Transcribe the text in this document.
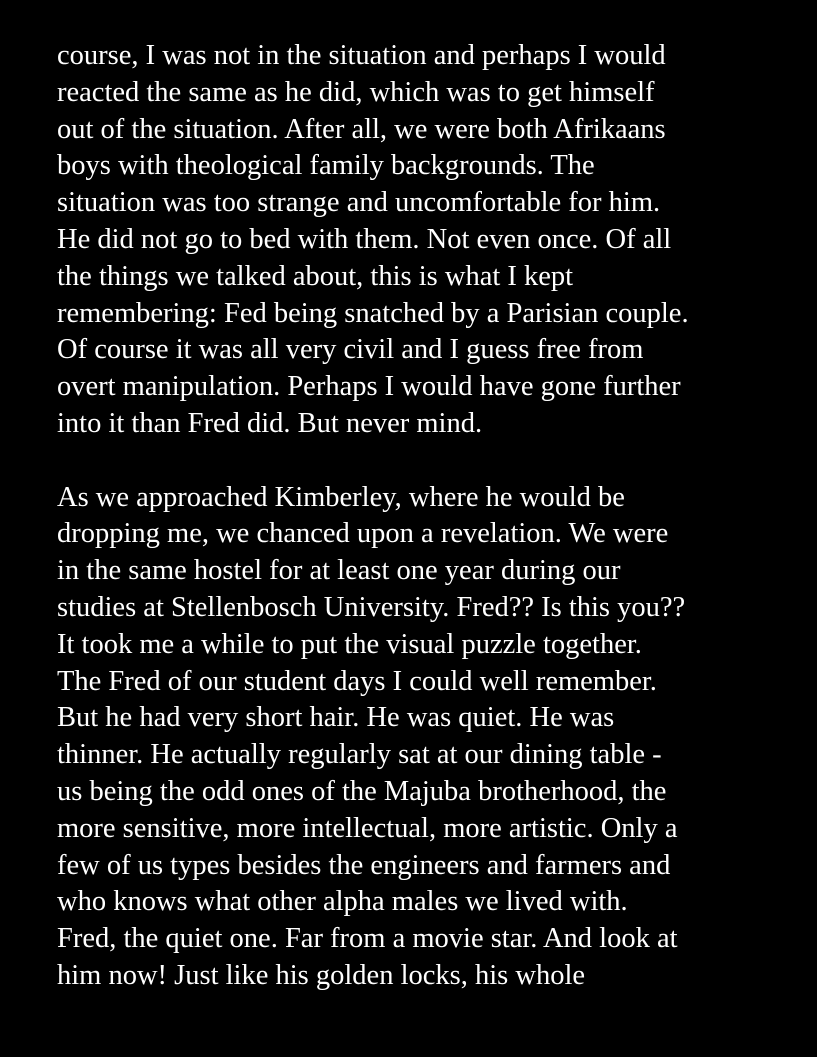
course, I was not in the situation and perhaps I would
reacted the same as he did, which was to get himself
out of the situation. After all, we were both Afrikaans
boys with theological family backgrounds. The
situation was too strange and uncomfortable for him.
He did not go to bed with them. Not even once. Of all
the things we talked about, this is what I kept
remembering: Fed being snatched by a Parisian couple.
Of course it was all very civil and I guess free from
overt manipulation. Perhaps I would have gone further
into it than Fred did. But never mind.

As we approached Kimberley, where he would be
dropping me, we chanced upon a revelation. We were
in the same hostel for at least one year during our
studies at Stellenbosch University. Fred?? Is this you??
It took me a while to put the visual puzzle together.
The Fred of our student days I could well remember.
But he had very short hair. He was quiet. He was
thinner. He actually regularly sat at our dining table -
us being the odd ones of the Majuba brotherhood, the
more sensitive, more intellectual, more artistic. Only a
few of us types besides the engineers and farmers and
who knows what other alpha males we lived with.
Fred, the quiet one. Far from a movie star. And look at
him now! Just like his golden locks, his whole
